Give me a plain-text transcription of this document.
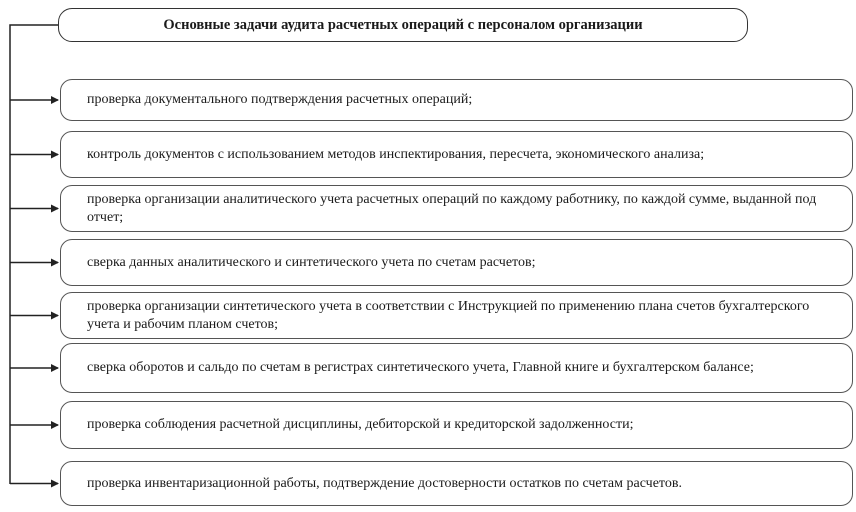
Основные задачи аудита расчетных операций с персоналом организации
проверка документального подтверждения расчетных операций;
контроль документов с использованием методов инспектирования, пересчета, экономического анализа;
проверка организации аналитического учета расчетных операций по каждому работнику, по каждой сумме, выданной под отчет;
сверка данных аналитического и синтетического учета по счетам расчетов;
проверка организации синтетического учета в соответствии с Инструкцией по применению плана счетов бухгалтерского учета и рабочим планом счетов;
сверка оборотов и сальдо по счетам в регистрах синтетического учета, Главной книге и бухгалтерском балансе;
проверка соблюдения расчетной дисциплины, дебиторской и кредиторской задолженности;
проверка инвентаризационной работы, подтверждение достоверности остатков по счетам расчетов.
